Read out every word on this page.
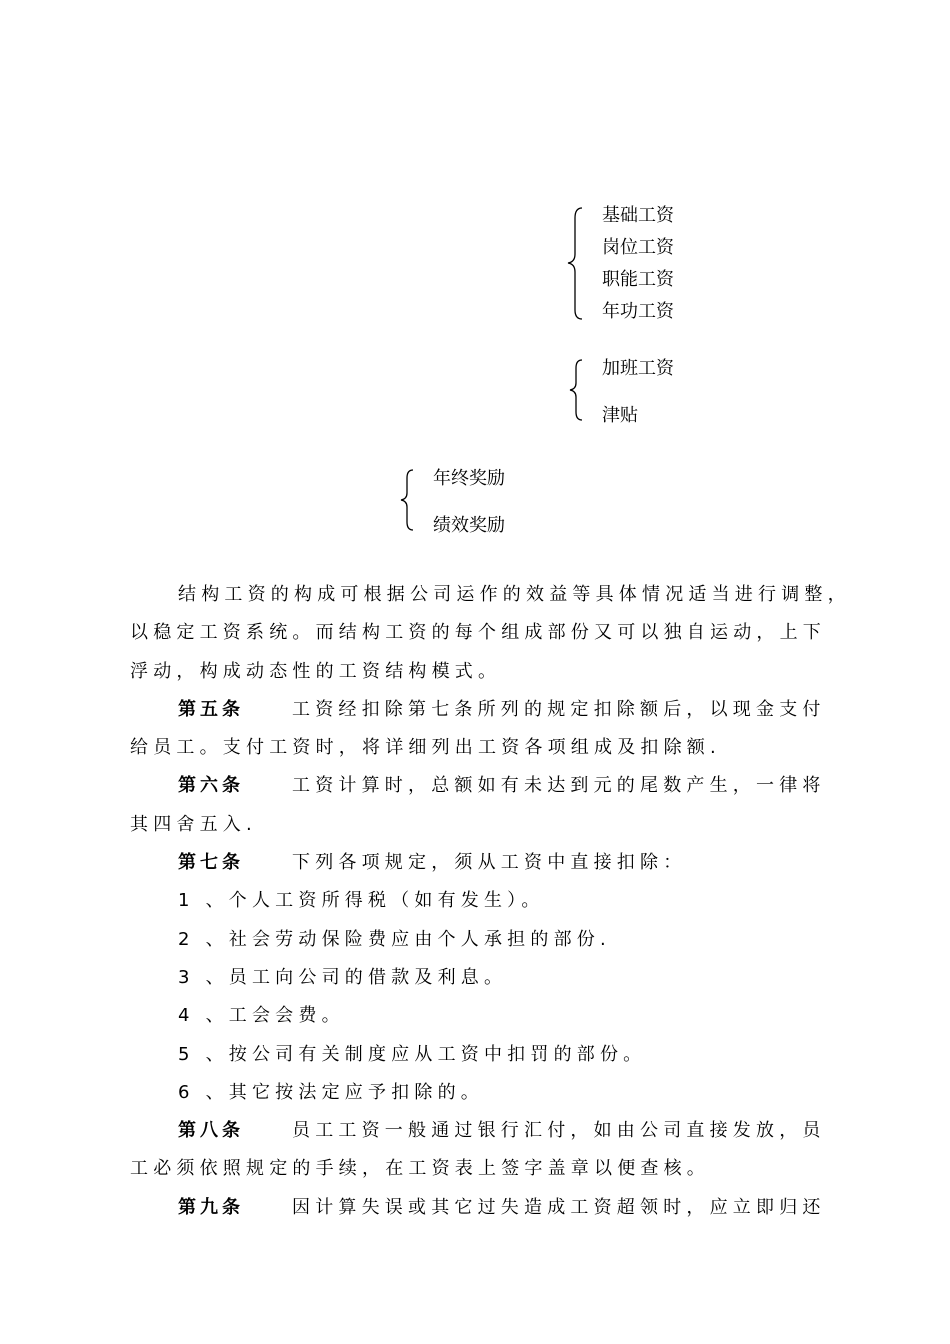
基础工资
岗位工资
职能工资
年功工资
加班工资
津贴
年终奖励
绩效奖励
结构工资的构成可根据公司运作的效益等具体情况适当进行调整，
以稳定工资系统。而结构工资的每个组成部份又可以独自运动，上下
浮动，构成动态性的工资结构模式。
第五条	工资经扣除第七条所列的规定扣除额后，以现金支付
给员工。支付工资时，将详细列出工资各项组成及扣除额.
第六条	工资计算时，总额如有未达到元的尾数产生，一律将
其四舍五入.
第七条	下列各项规定，须从工资中直接扣除：
1 、个人工资所得税（如有发生）。
2 、社会劳动保险费应由个人承担的部份.
3 、员工向公司的借款及利息。
4 、工会会费。
5 、按公司有关制度应从工资中扣罚的部份。
6 、其它按法定应予扣除的。
第八条	员工工资一般通过银行汇付，如由公司直接发放，员
工必须依照规定的手续，在工资表上签字盖章以便查核。
第九条	因计算失误或其它过失造成工资超领时，应立即归还
